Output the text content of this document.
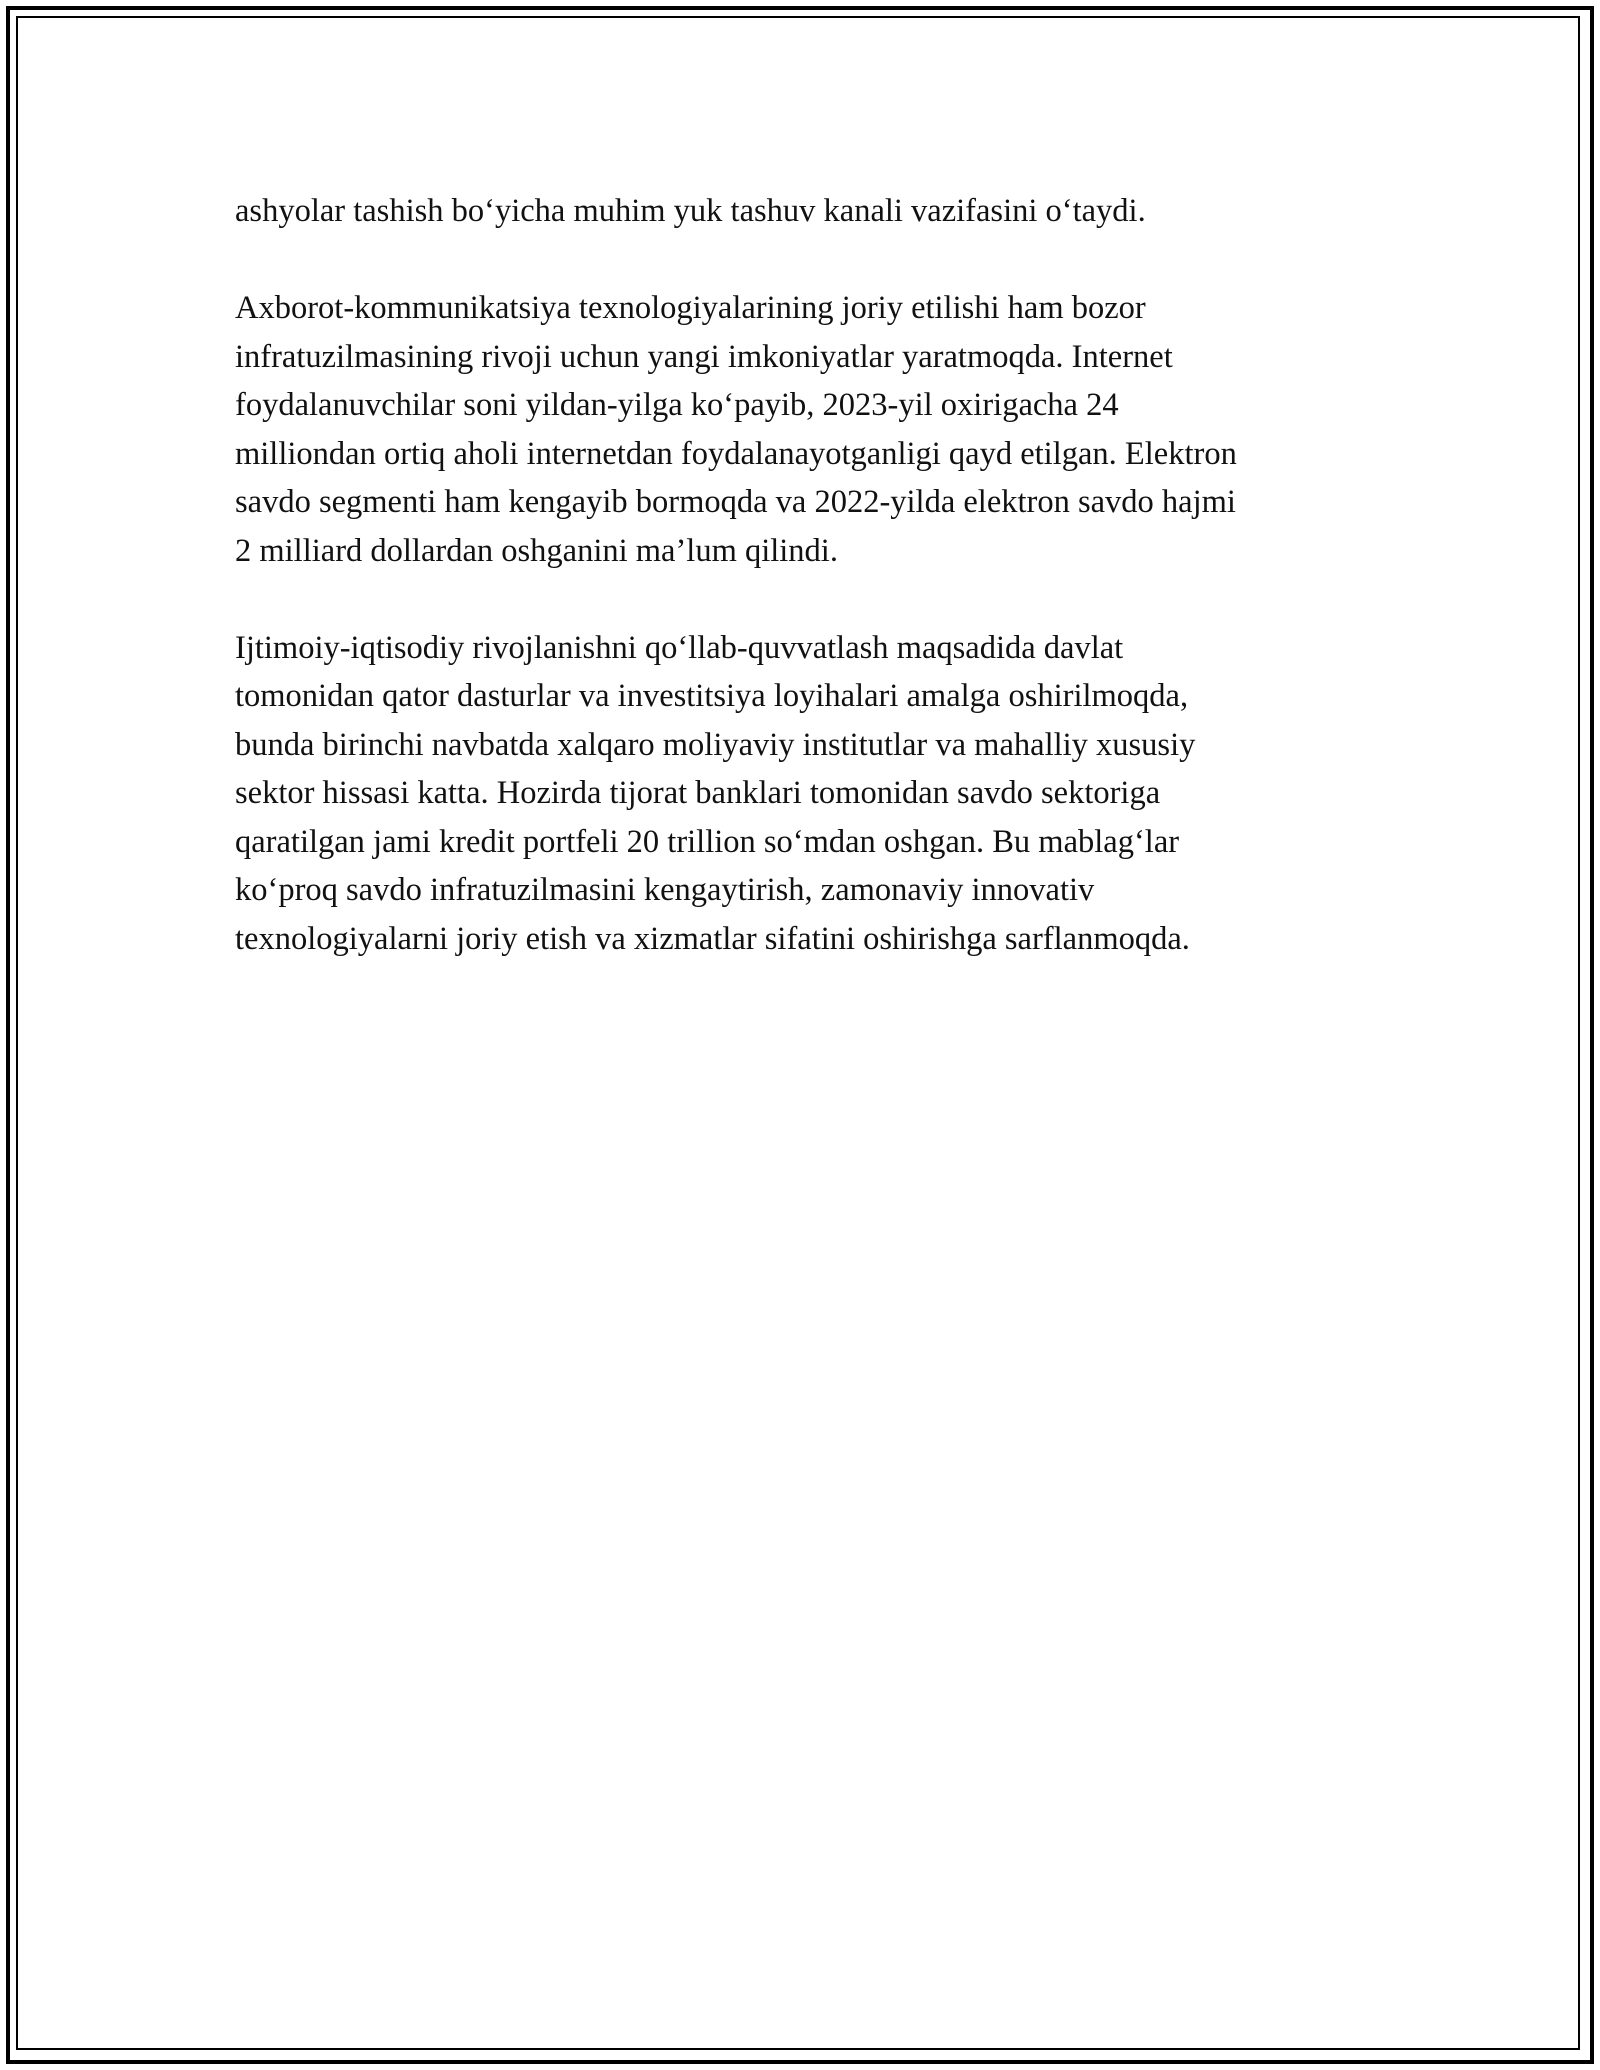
ashyolar tashish bo‘yicha muhim yuk tashuv kanali vazifasini o‘taydi.

Axborot-kommunikatsiya texnologiyalarining joriy etilishi ham bozor
infratuzilmasining rivoji uchun yangi imkoniyatlar yaratmoqda. Internet
foydalanuvchilar soni yildan-yilga ko‘payib, 2023-yil oxirigacha 24
milliondan ortiq aholi internetdan foydalanayotganligi qayd etilgan. Elektron
savdo segmenti ham kengayib bormoqda va 2022-yilda elektron savdo hajmi
2 milliard dollardan oshganini ma’lum qilindi.

Ijtimoiy-iqtisodiy rivojlanishni qo‘llab-quvvatlash maqsadida davlat
tomonidan qator dasturlar va investitsiya loyihalari amalga oshirilmoqda,
bunda birinchi navbatda xalqaro moliyaviy institutlar va mahalliy xususiy
sektor hissasi katta. Hozirda tijorat banklari tomonidan savdo sektoriga
qaratilgan jami kredit portfeli 20 trillion so‘mdan oshgan. Bu mablag‘lar
ko‘proq savdo infratuzilmasini kengaytirish, zamonaviy innovativ
texnologiyalarni joriy etish va xizmatlar sifatini oshirishga sarflanmoqda.
